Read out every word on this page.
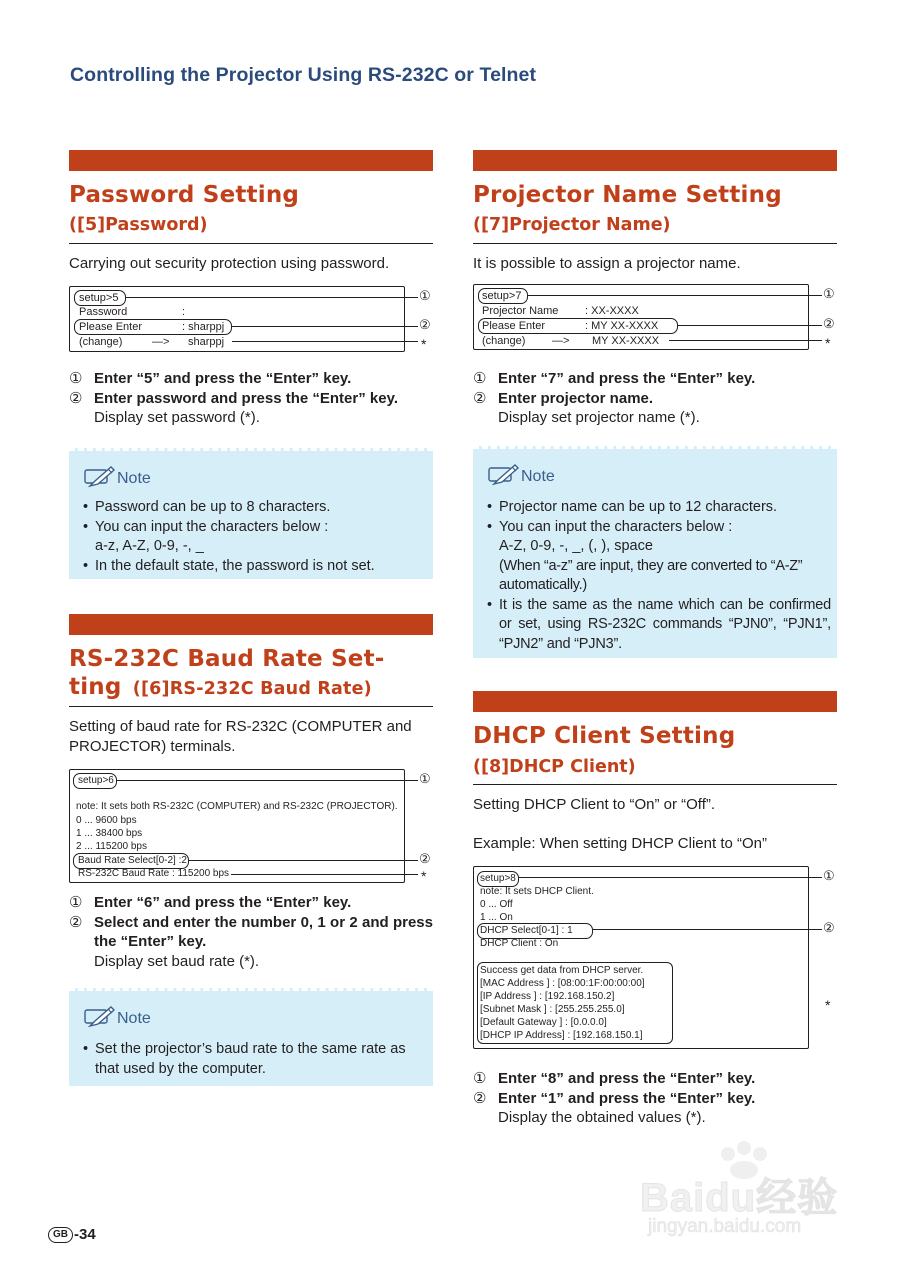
Controlling the Projector Using RS-232C or Telnet
Password Setting
([5]Password)
Carrying out security protection using password.
setup>5
Password	:
Please Enter	: sharppj
(change)	—> sharppj
①
②
*
① Enter “5” and press the “Enter” key.
② Enter password and press the “Enter” key.
Display set password (*).
Note
• Password can be up to 8 characters.
• You can input the characters below :
a-z, A-Z, 0-9, -, _
• In the default state, the password is not set.
RS-232C Baud Rate Set-
ting ([6]RS-232C Baud Rate)
Setting of baud rate for RS-232C (COMPUTER and PROJECTOR) terminals.
setup>6
note: It sets both RS-232C (COMPUTER) and RS-232C (PROJECTOR).
0 ... 9600 bps
1 ... 38400 bps
2 ... 115200 bps
Baud Rate Select[0-2] :2
RS-232C Baud Rate : 115200 bps
①
②
*
① Enter “6” and press the “Enter” key.
② Select and enter the number 0, 1 or 2 and press the “Enter” key.
Display set baud rate (*).
Note
• Set the projector’s baud rate to the same rate as that used by the computer.
Projector Name Setting
([7]Projector Name)
It is possible to assign a projector name.
setup>7
Projector Name : XX-XXXX
Please Enter	: MY XX-XXXX
(change) —> MY XX-XXXX
①
②
*
① Enter “7” and press the “Enter” key.
② Enter projector name.
Display set projector name (*).
Note
• Projector name can be up to 12 characters.
• You can input the characters below :
A-Z, 0-9, -, _, (, ), space
(When “a-z” are input, they are converted to “A-Z” automatically.)
• It is the same as the name which can be confirmed or set, using RS-232C commands “PJN0”, “PJN1”, “PJN2” and “PJN3”.
DHCP Client Setting
([8]DHCP Client)
Setting DHCP Client to “On” or “Off”.
Example: When setting DHCP Client to “On”
setup>8
note: It sets DHCP Client.
0 ... Off
1 ... On
DHCP Select[0-1] : 1
DHCP Client : On
Success get data from DHCP server.
[MAC Address ] : [08:00:1F:00:00:00]
[IP Address ] : [192.168.150.2]
[Subnet Mask ] : [255.255.255.0]
[Default Gateway ] : [0.0.0.0]
[DHCP IP Address] : [192.168.150.1]
①
②
*
① Enter “8” and press the “Enter” key.
② Enter “1” and press the “Enter” key.
Display the obtained values (*).
GB -34
Baidu经验
jingyan.baidu.com
